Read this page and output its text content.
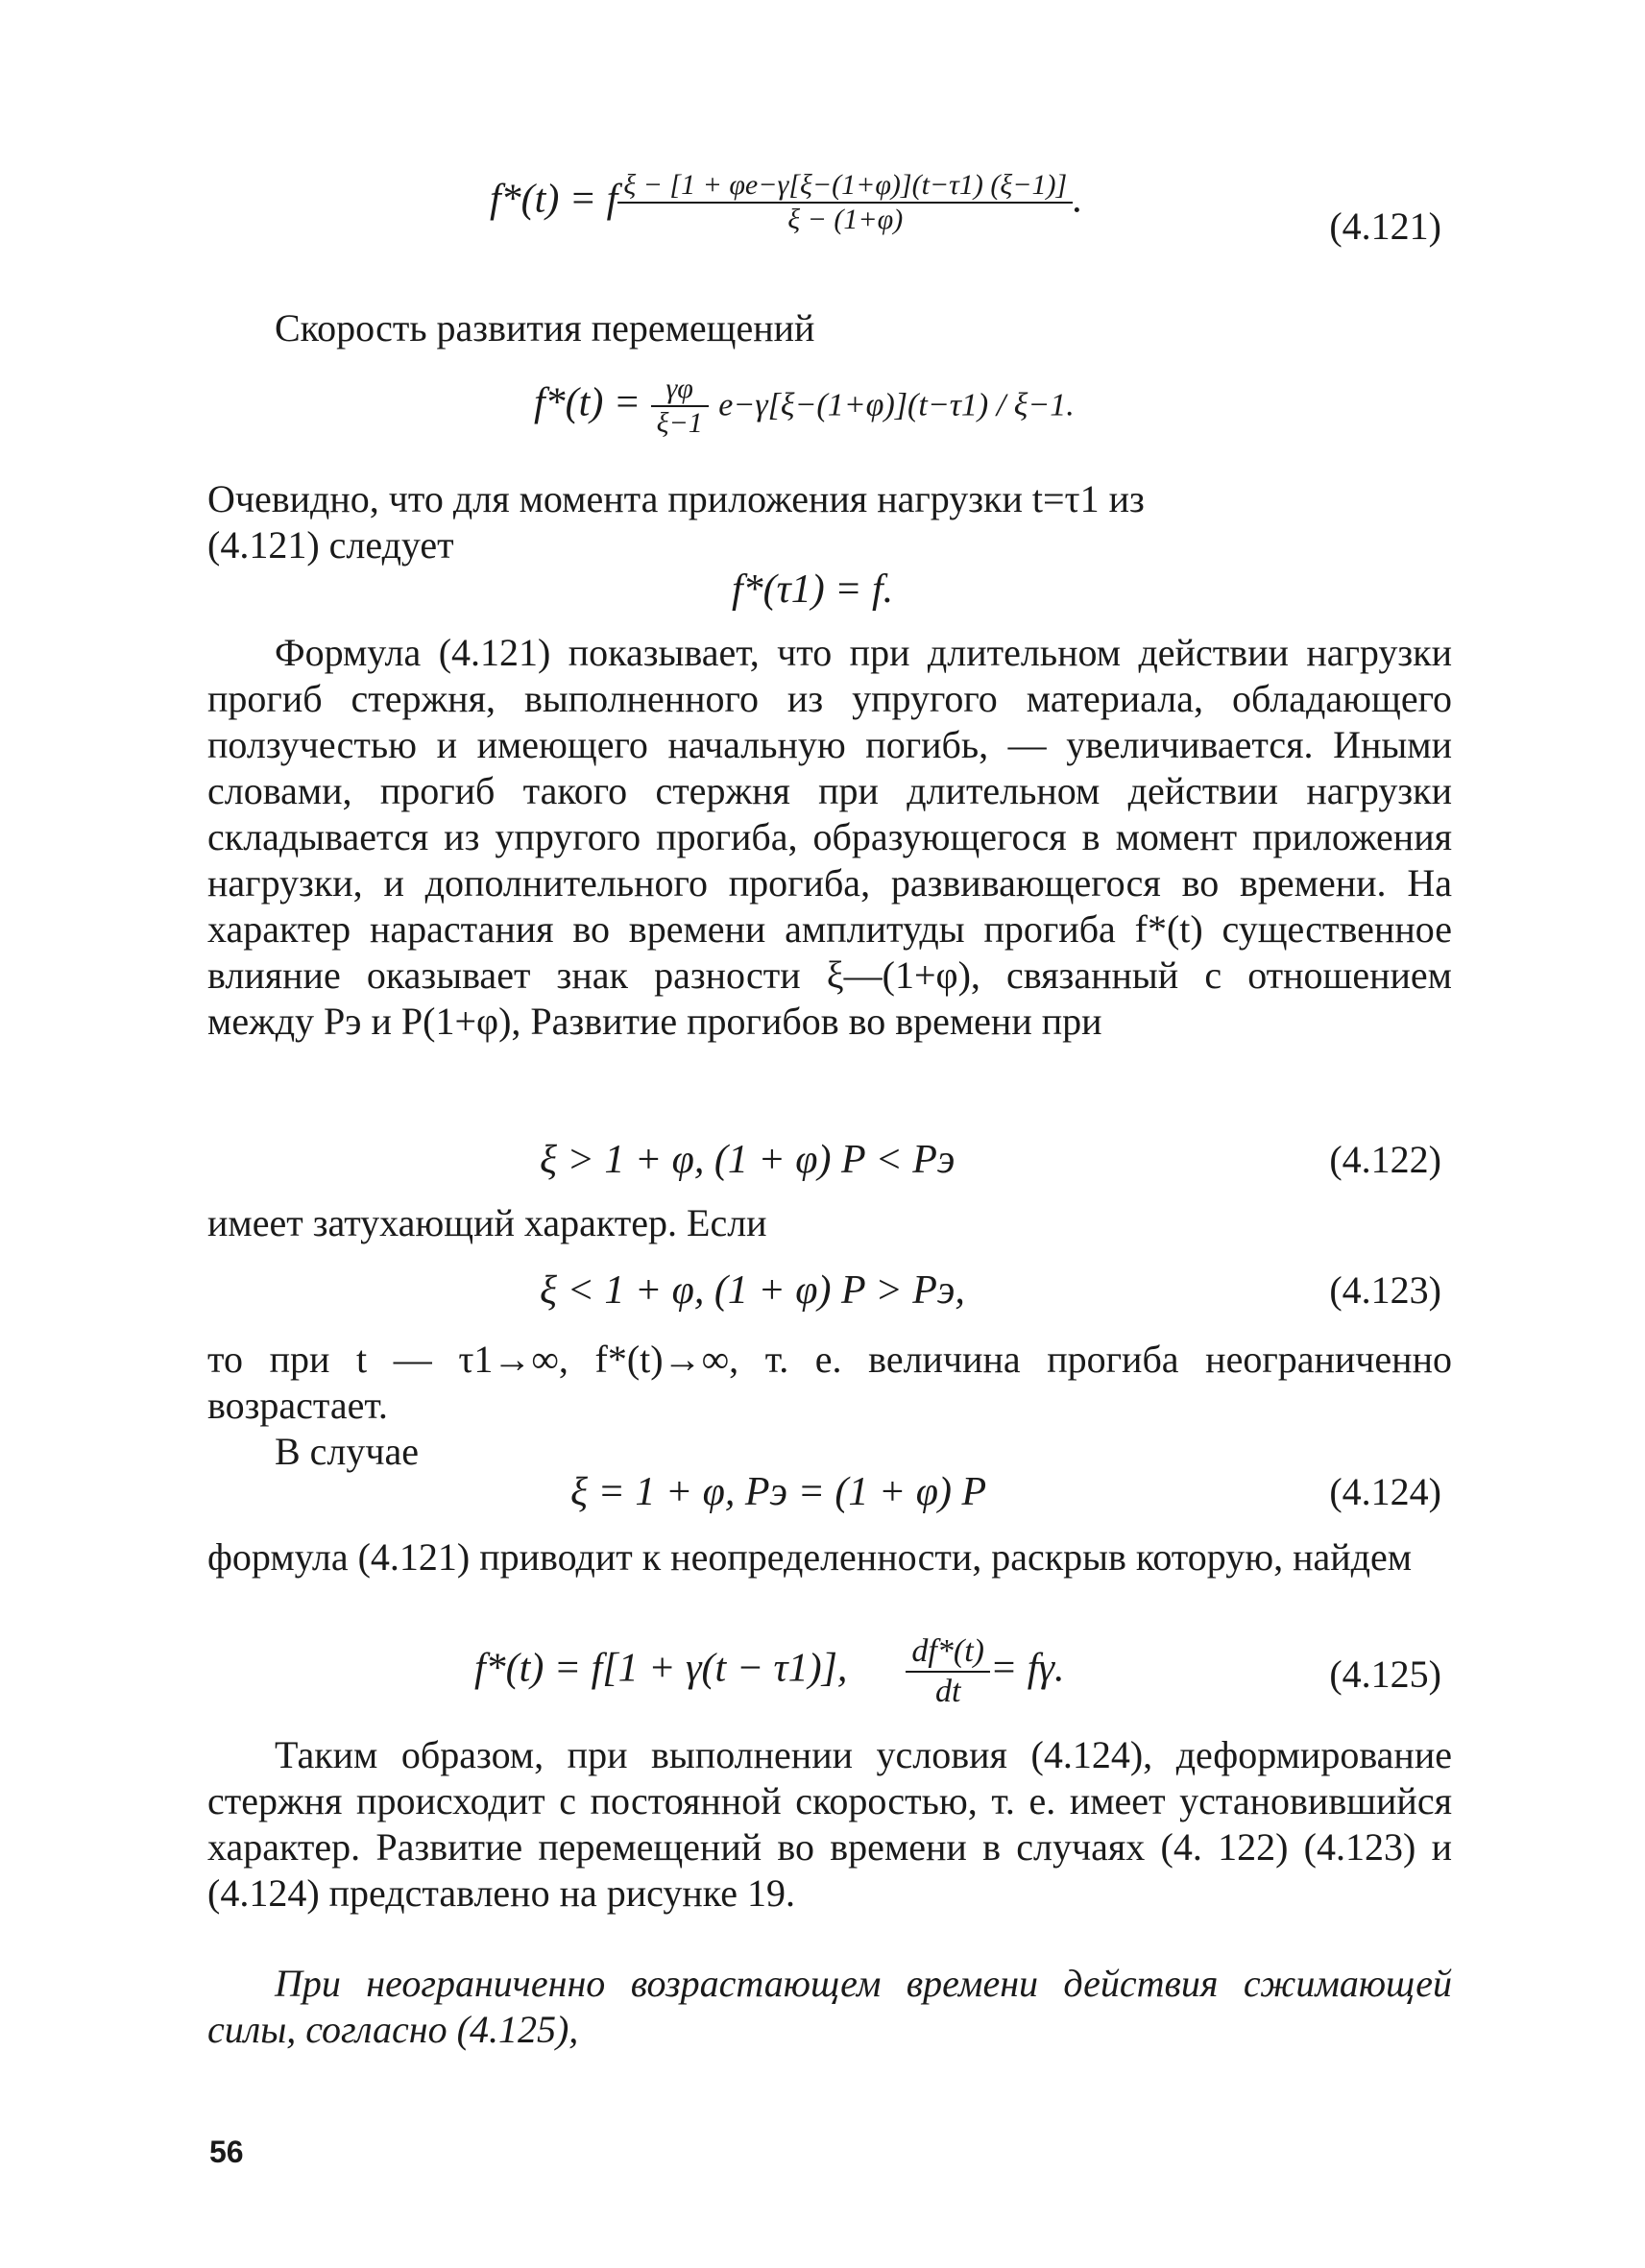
f*(t) = f $\frac{\xi - [1 + \varphi e-\gamma[\xi-(1+\varphi)](t-\tau 1) (\xi-1)]}{\xi - (1+\varphi)}$ .
(4.121)

Скорость развития перемещений

$f*(t) = \frac{\gamma\varphi}{\xi-1} e-\gamma[\xi-(1+\varphi)](t-\tau 1) / \xi-1$.

Очевидно, что для момента приложения нагрузки t=τ1 из (4.121) следует

f*(τ1) = f.

Формула (4.121) показывает, что при длительном действии нагрузки прогиб стержня, выполненного из упругого материала, обладающего ползучестью и имеющего начальную погибь, — увеличивается. Иными словами, прогиб такого стержня при длительном действии нагрузки складывается из упругого прогиба, образующегося в момент приложения нагрузки, и дополнительного прогиба, развивающегося во времени. На характер нарастания во времени амплитуды прогиба f*(t) существенное влияние оказывает знак разности ξ—(1+φ), связанный с отношением между Pэ и P(1+φ), Развитие прогибов во времени при

ξ > 1 + φ, (1 + φ) P < Pэ	(4.122)

имеет затухающий характер. Если

ξ < 1 + φ, (1 + φ) P > Pэ,	(4.123)

то при t — τ1→∞, f*(t)→∞, т. е. величина прогиба неограниченно возрастает.

В случае

ξ = 1 + φ, Pэ = (1 + φ) P	(4.124)

формула (4.121) приводит к неопределенности, раскрыв которую, найдем

f*(t) = f[1 + γ(t − τ1)], $\frac{df*(t)}{dt} = f\gamma$.	(4.125)

Таким образом, при выполнении условия (4.124), деформирование стержня происходит с постоянной скоростью, т. е. имеет установившийся характер. Развитие перемещений во времени в случаях (4. 122) (4.123) и (4.124) представлено на рисунке 19.

При неограниченно возрастающем времени действия сжимающей силы, согласно (4.125),

56
